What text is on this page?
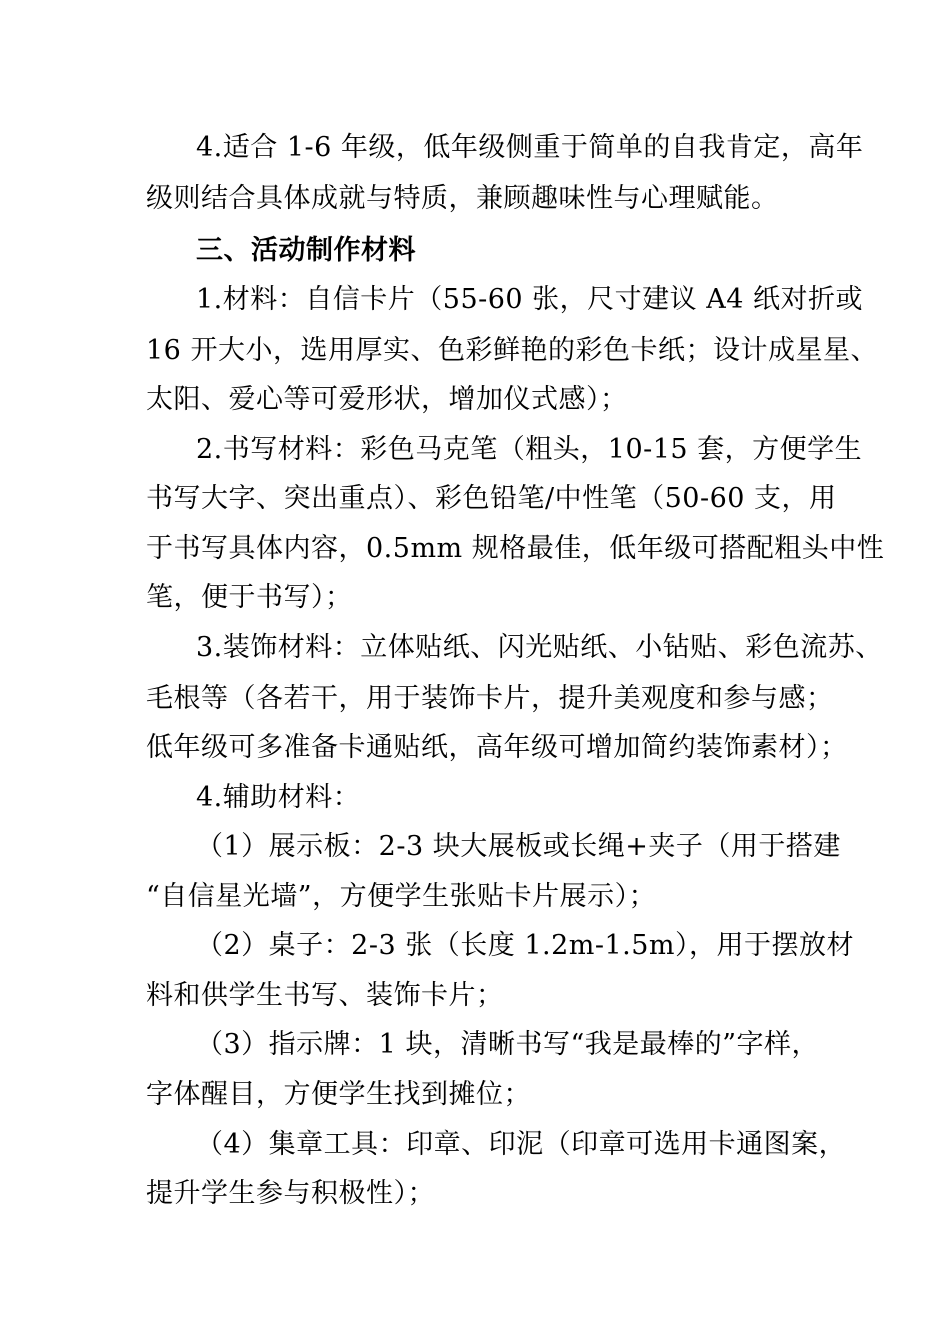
4.适合 1-6 年级，低年级侧重于简单的自我肯定，高年
级则结合具体成就与特质，兼顾趣味性与心理赋能。
三、活动制作材料
1.材料：自信卡片（55-60 张，尺寸建议 A4 纸对折或
16 开大小，选用厚实、色彩鲜艳的彩色卡纸；设计成星星、
太阳、爱心等可爱形状，增加仪式感）；
2.书写材料：彩色马克笔（粗头，10-15 套，方便学生
书写大字、突出重点）、彩色铅笔/中性笔（50-60 支，用
于书写具体内容，0.5mm 规格最佳，低年级可搭配粗头中性
笔，便于书写）；
3.装饰材料：立体贴纸、闪光贴纸、小钻贴、彩色流苏、
毛根等（各若干，用于装饰卡片，提升美观度和参与感；
低年级可多准备卡通贴纸，高年级可增加简约装饰素材）；
4.辅助材料：
（1）展示板：2-3 块大展板或长绳+夹子（用于搭建
“自信星光墙”，方便学生张贴卡片展示）；
（2）桌子：2-3 张（长度 1.2m-1.5m），用于摆放材
料和供学生书写、装饰卡片；
（3）指示牌：1 块，清晰书写“我是最棒的”字样，
字体醒目，方便学生找到摊位；
（4）集章工具：印章、印泥（印章可选用卡通图案，
提升学生参与积极性）；
